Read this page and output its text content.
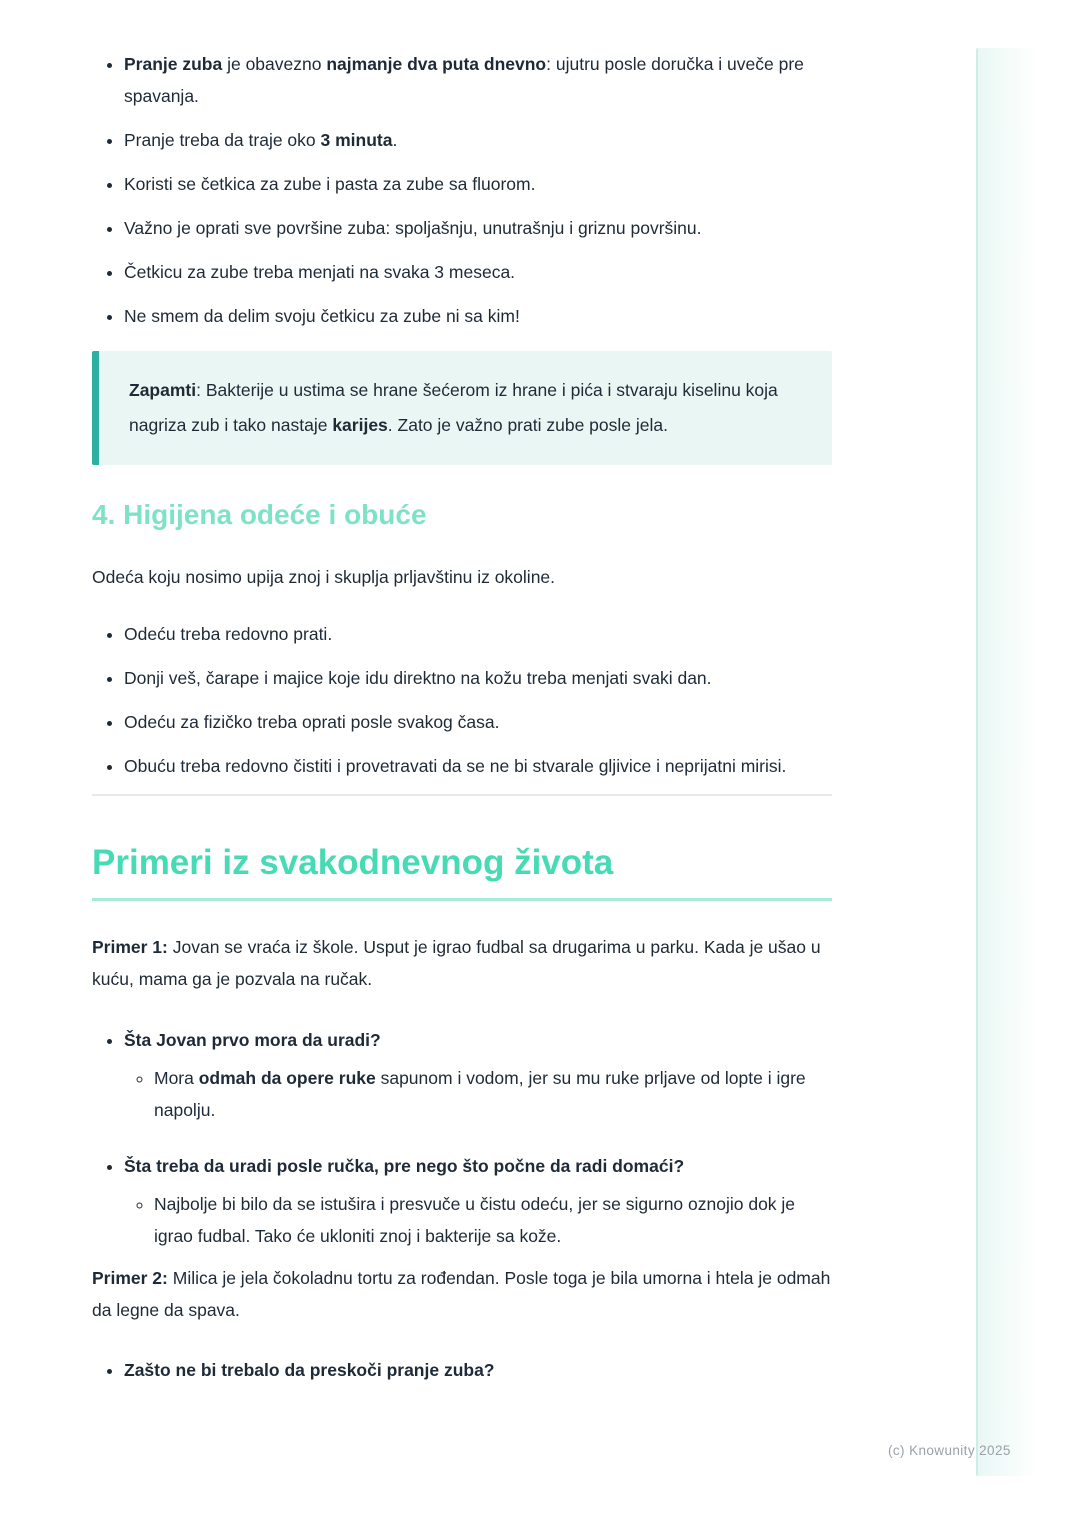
(c) Knowunity 2025
• Pranje zuba je obavezno najmanje dva puta dnevno: ujutru posle doručka i uveče pre spavanja.
• Pranje treba da traje oko 3 minuta.
• Koristi se četkica za zube i pasta za zube sa fluorom.
• Važno je oprati sve površine zuba: spoljašnju, unutrašnju i griznu površinu.
• Četkicu za zube treba menjati na svaka 3 meseca.
• Ne smem da delim svoju četkicu za zube ni sa kim!
Zapamti: Bakterije u ustima se hrane šećerom iz hrane i pića i stvaraju kiselinu koja nagriza zub i tako nastaje karijes. Zato je važno prati zube posle jela.
4. Higijena odeće i obuće

Odeća koju nosimo upija znoj i skuplja prljavštinu iz okoline.

• Odeću treba redovno prati.
• Donji veš, čarape i majice koje idu direktno na kožu treba menjati svaki dan.
• Odeću za fizičko treba oprati posle svakog časa.
• Obuću treba redovno čistiti i provetravati da se ne bi stvarale gljivice i neprijatni mirisi.
Primeri iz svakodnevnog života

Primer 1: Jovan se vraća iz škole. Usput je igrao fudbal sa drugarima u parku. Kada je ušao u kuću, mama ga je pozvala na ručak.

• Šta Jovan prvo mora da uradi?
◦ Mora odmah da opere ruke sapunom i vodom, jer su mu ruke prljave od lopte i igre napolju.
• Šta treba da uradi posle ručka, pre nego što počne da radi domaći?
◦ Najbolje bi bilo da se istušira i presvuče u čistu odeću, jer se sigurno oznojio dok je igrao fudbal. Tako će ukloniti znoj i bakterije sa kože.

Primer 2: Milica je jela čokoladnu tortu za rođendan. Posle toga je bila umorna i htela je odmah da legne da spava.

• Zašto ne bi trebalo da preskoči pranje zuba?
